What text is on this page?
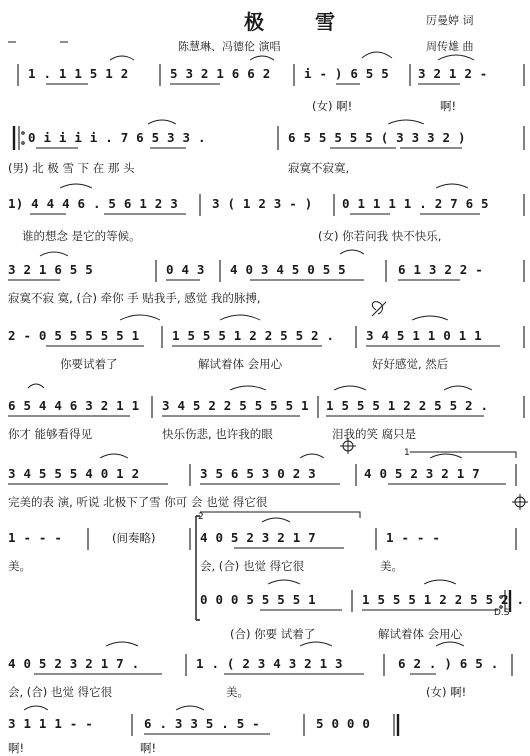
极 雪	厉曼婷 词
陈慧琳、冯德伦 演唱	周传雄 曲
1 . 1 1 5 1 2	5 3 2 1 6 6 2	i - ) 6 5 5 3 2 1 2 -
(女) 啊!	啊!
0 i i i i . 7 6 5 3 3 .	6 5 5 5 5 5 ( 3 3 3 2 )
(男) 北 极 雪 下 在 那 头	寂寞不寂寞,
1) 4 4 4 6 . 5 6 1 2 3	3 ( 1 2 3 - ) 0 1 1 1 1 . 2 7 6 5
谁的想念 是它的等候。	(女) 你若问我 快不快乐,
3 2 1 6 5 5	0 4 3 4 0 3 4 5 0 5 5	6 1 3 2 2 -
寂寞不寂 寞, (合) 牵你 手 贴我手, 感觉 我的脉搏,
2 - 0 5 5 5 5 5 1	1 5 5 5 1 2 2 5 5 2 .	3 4 5 1 1 0 1 1
你要试着了	解试着体 会用心	好好感觉, 然后
6 5 4 4 6 3 2 1 1 3 4 5 2 2 5 5 5 5 1 1 5 5 5 1 2 2 5 5 2 .
你才 能够看得见	快乐伤悲, 也许我的眼	泪我的笑 腐只是
3 4 5 5 5 4 0 1 2	3 5 6 5 3 0 2 3	4 0 5 2 3 2 1 7
完美的表 演, 听说 北极下了雪 你可 会 也觉 得它很
1 - - -	(间奏略)	4 0 5 2 3 2 1 7	1 - - -
美。	会, (合) 也觉 得它很	美。
0 0 0 5 5 5 5 1	1 5 5 5 1 2 2 5 5 2 .
(合) 你要 试着了	解试着体 会用心
D.S
4 0 5 2 3 2 1 7 .	1 . ( 2 3 4 3 2 1 3	6 2 . ) 6 5 .
会, (合) 也觉 得它很	美。	(女) 啊!
3 1 1 1 - -	6 . 3 3 5 . 5 -	5 0 0 0
啊!	啊!
1
2
